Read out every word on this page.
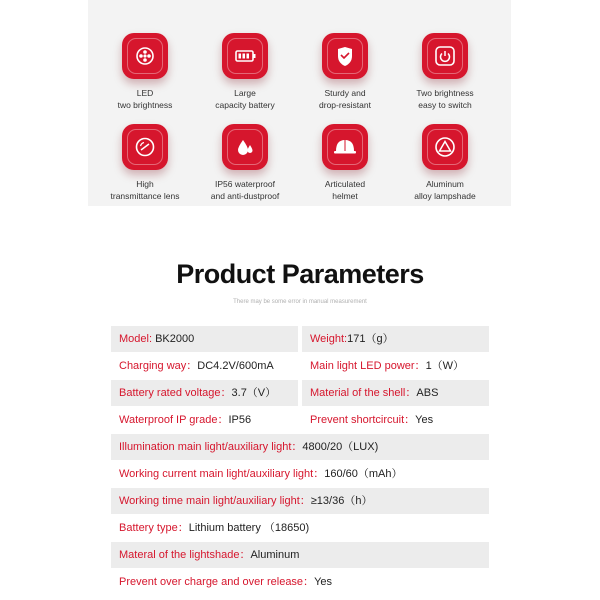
LED
two brightness
Large
capacity battery
Sturdy and
drop-resistant
Two brightness
easy to switch
High
transmittance lens
IP56 waterproof
and anti-dustproof
Articulated
helmet
Aluminum
alloy lampshade
Product Parameters
There may be some error in manual measurement
Model: BK2000	Weight:171（g）
Charging way：DC4.2V/600mA	Main light LED power：1（W）
Battery rated voltage：3.7（V）	Material of the shell：ABS
Waterproof IP grade：IP56	Prevent shortcircuit：Yes
Illumination main light/auxiliary light：4800/20（LUX)
Working current main light/auxiliary light：160/60（mAh）
Working time main light/auxiliary light：≥13/36（h）
Battery type：Lithium battery （18650)
Materal of the lightshade：Aluminum
Prevent over charge and over release：Yes
